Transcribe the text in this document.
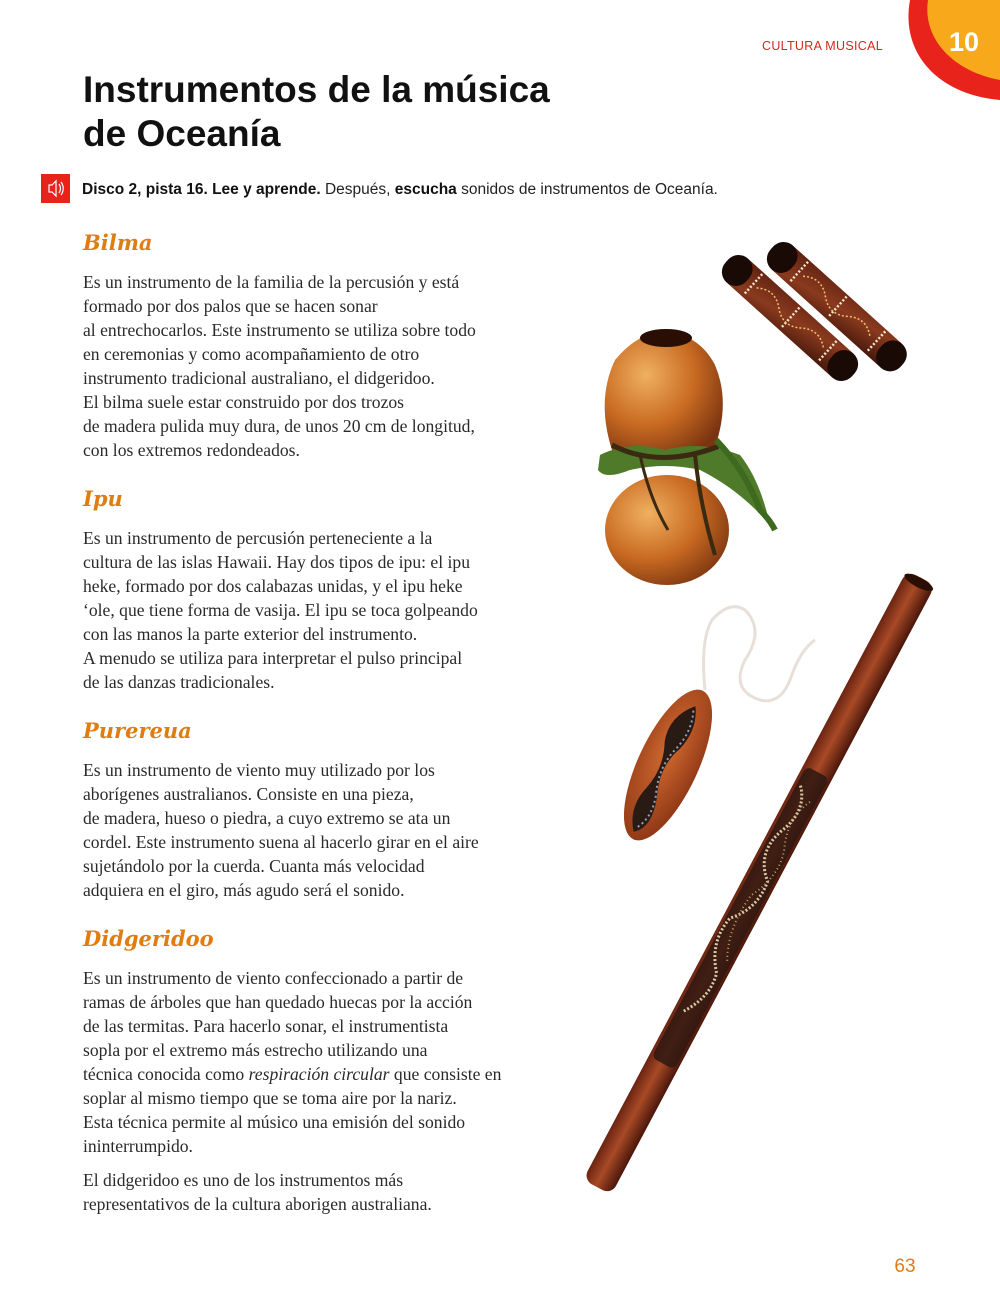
CULTURA MUSICAL 10
Instrumentos de la música
de Oceanía
Disco 2, pista 16. Lee y aprende. Después, escucha sonidos de instrumentos de Oceanía.
Bilma

Es un instrumento de la familia de la percusión y está
formado por dos palos que se hacen sonar
al entrechocarlos. Este instrumento se utiliza sobre todo
en ceremonias y como acompañamiento de otro
instrumento tradicional australiano, el didgeridoo.
El bilma suele estar construido por dos trozos
de madera pulida muy dura, de unos 20 cm de longitud,
con los extremos redondeados.

Ipu

Es un instrumento de percusión perteneciente a la
cultura de las islas Hawaii. Hay dos tipos de ipu: el ipu
heke, formado por dos calabazas unidas, y el ipu heke
‘ole, que tiene forma de vasija. El ipu se toca golpeando
con las manos la parte exterior del instrumento.
A menudo se utiliza para interpretar el pulso principal
de las danzas tradicionales.

Purereua

Es un instrumento de viento muy utilizado por los
aborígenes australianos. Consiste en una pieza,
de madera, hueso o piedra, a cuyo extremo se ata un
cordel. Este instrumento suena al hacerlo girar en el aire
sujetándolo por la cuerda. Cuanta más velocidad
adquiera en el giro, más agudo será el sonido.

Didgeridoo

Es un instrumento de viento confeccionado a partir de
ramas de árboles que han quedado huecas por la acción
de las termitas. Para hacerlo sonar, el instrumentista
sopla por el extremo más estrecho utilizando una
técnica conocida como respiración circular que consiste en
soplar al mismo tiempo que se toma aire por la nariz.
Esta técnica permite al músico una emisión del sonido
ininterrumpido.

El didgeridoo es uno de los instrumentos más
representativos de la cultura aborigen australiana.

63
